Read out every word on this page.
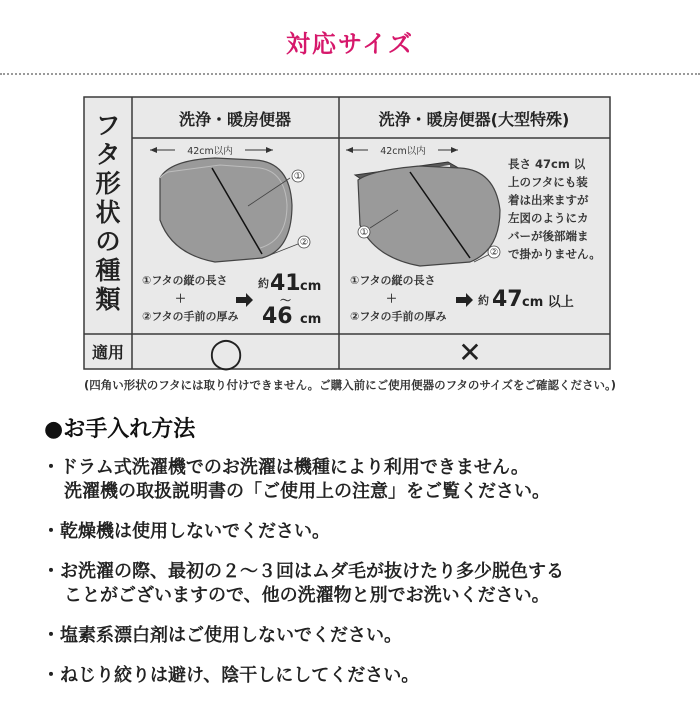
対応サイズ
フ
タ
形
状
の
種
類
適用
洗浄・暖房便器	洗浄・暖房便器(大型特殊)
42cm以内
①
②
①フタの縦の長さ
＋
②フタの手前の厚み
約 41 cm
〜
46 cm
42cm以内
①
②
長さ 47cm 以
上のフタにも装
着は出来ますが
左図のようにカ
バーが後部端ま
で掛かりません。
①フタの縦の長さ
＋
②フタの手前の厚み
約 47 cm 以上
◯	✕
(四角い形状のフタには取り付けできません。ご購入前にご使用便器のフタのサイズをご確認ください。)
●お手入れ方法
・ドラム式洗濯機でのお洗濯は機種により利用できません。
洗濯機の取扱説明書の「ご使用上の注意」をご覧ください。
・乾燥機は使用しないでください。
・お洗濯の際、最初の２〜３回はムダ毛が抜けたり多少脱色する
ことがございますので、他の洗濯物と別でお洗いください。
・塩素系漂白剤はご使用しないでください。
・ねじり絞りは避け、陰干しにしてください。
